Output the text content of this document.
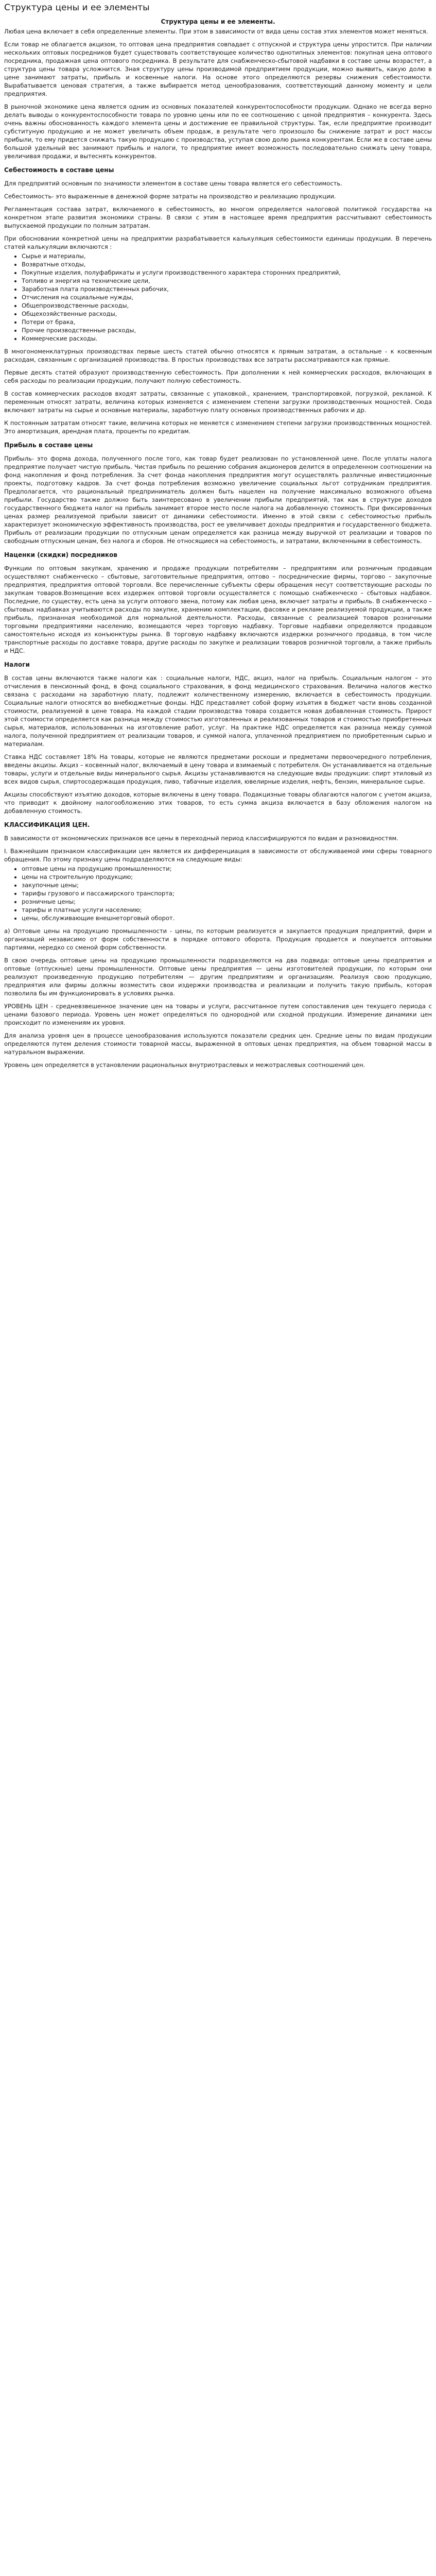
Структура цены и ее элементы
Структура цены и ее элементы.

Любая цена включает в себя определенные элементы. При этом в зависимости от вида цены состав этих элементов может меняться.

Если товар не облагается акцизом, то оптовая цена предприятия совпадает с отпускной и структура цены упростится. При наличии нескольких оптовых посредников будет существовать соответствующее количество однотипных элементов: покупная цена оптового посредника, продажная цена оптового посредника. В результате для снабженческо-сбытовой надбавки в составе цены возрастет, а структура цены товара усложнится. Зная структуру цены производимой предприятием продукции, можно выявить, какую долю в цене занимают затраты, прибыль и косвенные налоги. На основе этого определяются резервы снижения себестоимости. Вырабатывается ценовая стратегия, а также выбирается метод ценообразования, соответствующий данному моменту и цели предприятия.

В рыночной экономике цена является одним из основных показателей конкурентоспособности продукции. Однако не всегда верно делать выводы о конкурентоспособности товара по уровню цены или по ее соотношению с ценой предприятия – конкурента. Здесь очень важны обоснованность каждого элемента цены и достижение ее правильной структуры. Так, если предприятие производит субституную продукцию и не может увеличить объем продаж, в результате чего произошло бы снижение затрат и рост массы прибыли, то ему придется снижать такую продукцию с производства, уступая свою долю рынка конкурентам. Если же в составе цены большой удельный вес занимают прибыль и налоги, то предприятие имеет возможность последовательно снижать цену товара, увеличивая продажи, и вытеснять конкурентов.

Себестоимость в составе цены

Для предприятий основным по значимости элементом в составе цены товара является его себестоимость.

Себестоимость- это выраженные в денежной форме затраты на производство и реализацию продукции.

Регламентация состава затрат, включаемого в себестоимость, во многом определяется налоговой политикой государства на конкретном этапе развития экономики страны. В связи с этим в настоящее время предприятия рассчитывают себестоимость выпускаемой продукции по полным затратам.

При обосновании конкретной цены на предприятии разрабатывается калькуляция себестоимости единицы продукции. В перечень статей калькуляции включаются :

• Сырье и материалы,
• Возвратные отходы,
• Покупные изделия, полуфабрикаты и услуги производственного характера сторонних предприятий,
• Топливо и энергия на технические цели,
• Заработная плата производственных рабочих,
• Отчисления на социальные нужды,
• Общепроизводственные расходы,
• Общехозяйственные расходы,
• Потери от брака,
• Прочие производственные расходы,
• Коммерческие расходы.

В многономенклатурных производствах первые шесть статей обычно относятся к прямым затратам, а остальные - к косвенным расходам, связанным с организацией производства. В простых производствах все затраты рассматриваются как прямые.

Первые десять статей образуют производственную себестоимость. При дополнении к ней коммерческих расходов, включающих в себя расходы по реализации продукции, получают полную себестоимость.

В состав коммерческих расходов входят затраты, связанные с упаковкой., хранением, транспортировкой, погрузкой, рекламой. К переменным относят затраты, величина которых изменяется с изменением степени загрузки производственных мощностей. Сюда включают затраты на сырье и основные материалы, заработную плату основных производственных рабочих и др.

К постоянным затратам относят такие, величина которых не меняется с изменением степени загрузки производственных мощностей. Это амортизация, арендная плата, проценты по кредитам.

Прибыль в составе цены

Прибыль- это форма дохода, полученного после того, как товар будет реализован по установленной цене. После уплаты налога предприятие получает чистую прибыль. Чистая прибыль по решению собрания акционеров делится в определенном соотношении на фонд накопления и фонд потребления. За счет фонда накопления предприятия могут осуществлять различные инвестиционные проекты, подготовку кадров. За счет фонда потребления возможно увеличение социальных льгот сотрудникам предприятия. Предполагается, что рациональный предприниматель должен быть нацелен на получение максимально возможного объема прибыли. Государство также должно быть заинтересовано в увеличении прибыли предприятий, так как в структуре доходов государственного бюджета налог на прибыль занимает второе место после налога на добавленную стоимость. При фиксированных ценах размер реализуемой прибыли зависит от динамики себестоимости. Именно в этой связи с себестоимостью прибыль характеризует экономическую эффективность производства, рост ее увеличивает доходы предприятия и государственного бюджета. Прибыль от реализации продукции по отпускным ценам определяется как разница между выручкой от реализации и товаров по свободным отпускным ценам, без налога и сборов. Не относящиеся на себестоимость, и затратами, включенными в себестоимость.

Наценки (скидки) посредников

Функции по оптовым закупкам, хранению и продаже продукции потребителям – предприятиям или розничным продавцам осуществляют снабженческо – сбытовые, заготовительные предприятия, оптово – посреднические фирмы, торгово – закупочные предприятия, предприятия оптовой торговли. Все перечисленные субъекты сферы обращения несут соответствующие расходы по закупкам товаров.Возмещение всех издержек оптовой торговли осуществляется с помощью снабженческо – сбытовых надбавок. Последние, по существу, есть цена за услуги оптового звена, потому как любая цена, включает затраты и прибыль. В снабженческо – сбытовых надбавках учитываются расходы по закупке, хранению комплектации, фасовке и рекламе реализуемой продукции, а также прибыль, признанная необходимой для нормальной деятельности. Расходы, связанные с реализацией товаров розничными торговыми предприятиями населению, возмещаются через торговую надбавку. Торговые надбавки определяются продавцом самостоятельно исходя из конъюнктуры рынка. В торговую надбавку включаются издержки розничного продавца, в том числе транспортные расходы по доставке товара, другие расходы по закупке и реализации товаров розничной торговли, а также прибыль и НДС.

Налоги

В состав цены включаются также налоги как : социальные налоги, НДС, акциз, налог на прибыль. Социальным налогом – это отчисления в пенсионный фонд, в фонд социального страхования, в фонд медицинского страхования. Величина налогов жестко связана с расходами на заработную плату, подлежит количественному измерению, включается в себестоимость продукции. Социальные налоги относятся во внебюджетные фонды. НДС представляет собой форму изъятия в бюджет части вновь созданной стоимости, реализуемой в цене товара. На каждой стадии производства товара создается новая добавленная стоимость. Прирост этой стоимости определяется как разница между стоимостью изготовленных и реализованных товаров и стоимостью приобретенных сырья, материалов, использованных на изготовление работ, услуг. На практике НДС определяется как разница между суммой налога, полученной предприятием от реализации товаров, и суммой налога, уплаченной предприятием по приобретенным сырью и материалам.

Ставка НДС составляет 18% На товары, которые не являются предметами роскоши и предметами первоочередного потребления, введены акцизы. Акциз – косвенный налог, включаемый в цену товара и взимаемый с потребителя. Он устанавливается на отдельные товары, услуги и отдельные виды минерального сырья. Акцизы устанавливаются на следующие виды продукции: спирт этиловый из всех видов сырья, спиртосодержащая продукция, пиво, табачные изделия, ювелирные изделия, нефть, бензин, минеральное сырье.

Акцизы способствуют изъятию доходов, которые включены в цену товара. Подакцизные товары облагаются налогом с учетом акциза, что приводит к двойному налогообложению этих товаров, то есть сумма акциза включается в базу обложения налогом на добавленную стоимость.

КЛАССИФИКАЦИЯ ЦЕН.

В зависимости от экономических признаков все цены в переходный период классифицируются по видам и разновидностям.

I. Важнейшим признаком классификации цен является их дифференциация в зависимости от обслуживаемой ими сферы товарного обращения. По этому признаку цены подразделяются на следующие виды:

• оптовые цены на продукцию промышленности;
• цены на строительную продукцию;
• закупочные цены;
• тарифы грузового и пассажирского транспорта;
• розничные цены;
• тарифы и платные услуги населению;
• цены, обслуживающие внешнеторговый оборот.

а) Оптовые цены на продукцию промышленности - цены, по которым реализуется и закупается продукция предприятий, фирм и организаций независимо от форм собственности в порядке оптового оборота. Продукция продается и покупается оптовыми партиями, нередко со сменой форм собственности.

В свою очередь оптовые цены на продукцию промышленности подразделяются на два подвида: оптовые цены предприятия и оптовые (отпускные) цены промышленности. Оптовые цены предприятия — цены изготовителей продукции, по которым они реализуют произведенную продукцию потребителям — другим предприятиям и организациям. Реализуя свою продукцию, предприятия или фирмы должны возместить свои издержки производства и реализации и получить такую прибыль, которая позволила бы им функционировать в условиях рынка.

УРОВЕНЬ ЦЕН - средневзвешенное значение цен на товары и услуги, рассчитанное путем сопоставления цен текущего периода с ценами базового периода. Уровень цен может определяться по однородной или сходной продукции. Измерение динамики цен происходит по изменениям их уровня.

Для анализа уровня цен в процессе ценообразования используются показатели средних цен. Средние цены по видам продукции определяются путем деления стоимости товарной массы, выраженной в оптовых ценах предприятия, на объем товарной массы в натуральном выражении.

Уровень цен определяется в установлении рациональных внутриотраслевых и межотраслевых соотношений цен.
